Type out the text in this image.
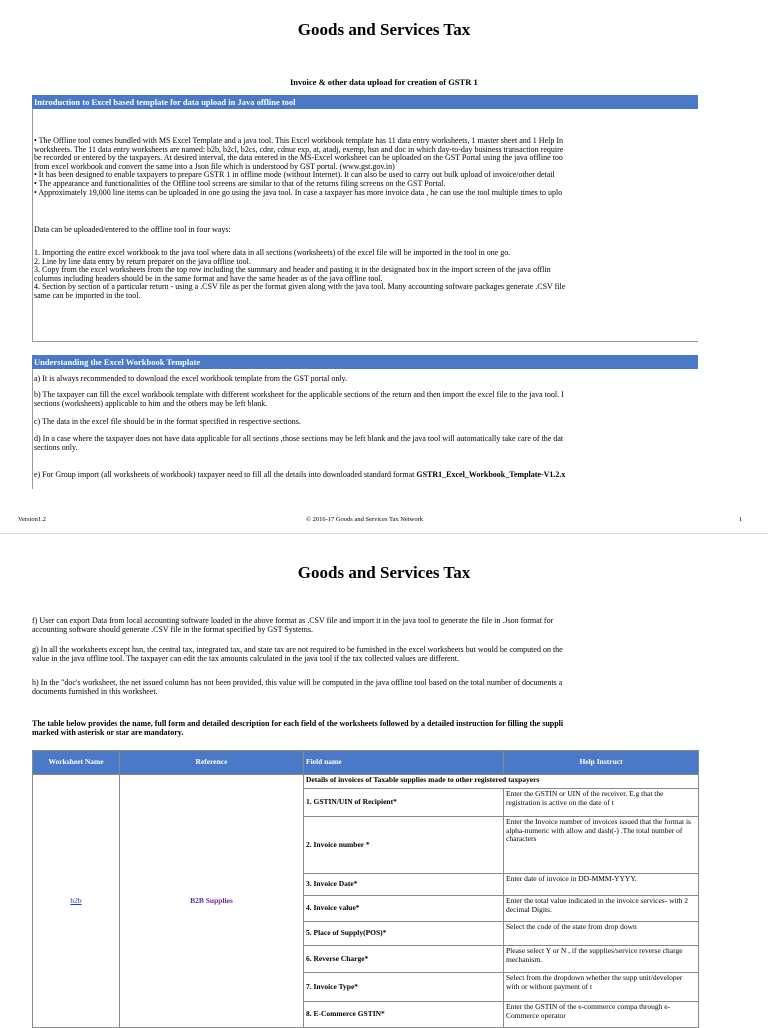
Goods and Services Tax
Invoice & other data upload for creation of GSTR 1
Introduction to Excel based template for data upload in Java offline tool
• The Offline tool comes bundled with MS Excel Template and a java tool. This Excel workbook template has 11 data entry worksheets, 1 master sheet and 1 Help In
worksheets. The 11 data entry worksheets are named: b2b, b2cl, b2cs, cdnr, cdnur exp, at, atadj, exemp, hsn and doc in which day-to-day business transaction require
be recorded or entered by the taxpayers. At desired interval, the data entered in the MS-Excel worksheet can be uploaded on the GST Portal using the java offline too
from excel workbook and convert the same into a Json file which is understood by GST portal. (www.gst.gov.in)
• It has been designed to enable taxpayers to prepare GSTR 1 in offline mode (without Internet). It can also be used to carry out bulk upload of invoice/other detail
• The appearance and functionalities of the Offline tool screens are similar to that of the returns filing screens on the GST Portal.
• Approximately 19,000 line items can be uploaded in one go using the java tool. In case a taxpayer has more invoice data , he can use the tool multiple times to uplo
Data can be uploaded/entered to the offline tool in four ways:
1. Importing the entire excel workbook to the java tool where data in all sections (worksheets) of the excel file will be imported in the tool in one go.
2. Line by line data entry by return preparer on the java offline tool.
3. Copy from the excel worksheets from the top row including the summary and header and pasting it in the designated box in the import screen of the java offlin
columns including headers should be in the same format and have the same header as of the java offline tool.
4. Section by section of a particular return - using a .CSV file as per the format given along with the java tool. Many accounting software packages generate .CSV file
same can be imported in the tool.
Understanding the Excel Workbook Template
a) It is always recommended to download the excel workbook template from the GST portal only.
b) The taxpayer can fill the excel workbook template with different worksheet for the applicable sections of the return and then import the excel file to the java tool. I
sections (worksheets) applicable to him and the others may be left blank.
c) The data in the excel file should be in the format specified in respective sections.
d) In a case where the taxpayer does not have data applicable for all sections ,those sections may be left blank and the java tool will automatically take care of the dat
sections only.
e) For Group import (all worksheets of workbook) taxpayer need to fill all the details into downloaded standard format GSTR1_Excel_Workbook_Template-V1.2.x
Version1.2	© 2016-17 Goods and Services Tax Network	1
Goods and Services Tax
f) User can export Data from local accounting software loaded in the above format as .CSV file and import it in the java tool to generate the file in .Json format for
accounting software should generate .CSV file in the format specified by GST Systems.
g) In all the worksheets except hsn, the central tax, integrated tax, and state tax are not required to be furnished in the excel worksheets but would be computed on the
value in the java offline tool. The taxpayer can edit the tax amounts calculated in the java tool if the tax collected values are different.
h) In the "doc's worksheet, the net issued column has not been provided, this value will be computed in the java offline tool based on the total number of documents a
documents furnished in this worksheet.
The table below provides the name, full form and detailed description for each field of the worksheets followed by a detailed instruction for filling the suppli
marked with asterisk or star are mandatory.
Worksheet Name	Reference	Field name	Help Instruct
b2b	B2B Supplies	Details of invoices of Taxable supplies made to other registered taxpayers	
		1. GSTIN/UIN of Recipient*	Enter the GSTIN or UIN of the receiver. E.g that the registration is active on the date of t
		2. Invoice number *	Enter the Invoice number of invoices issued that the format is alpha-numeric with allow and dash(-) .The total number of characters
		3. Invoice Date*	Enter date of invoice in DD-MMM-YYYY.
		4. Invoice value*	Enter the total value indicated in the invoice services- with 2 decimal Digits.
		5. Place of Supply(POS)*	Select the code of the state from drop down
		6. Reverse Charge*	Please select Y or N , if the supplies/service reverse charge mechanism.
		7. Invoice Type*	Select from the dropdown whether the supp unit/developer with or without payment of t
		8. E-Commerce GSTIN*	Enter the GSTIN of the e-commerce compa through e-Commerce operator
